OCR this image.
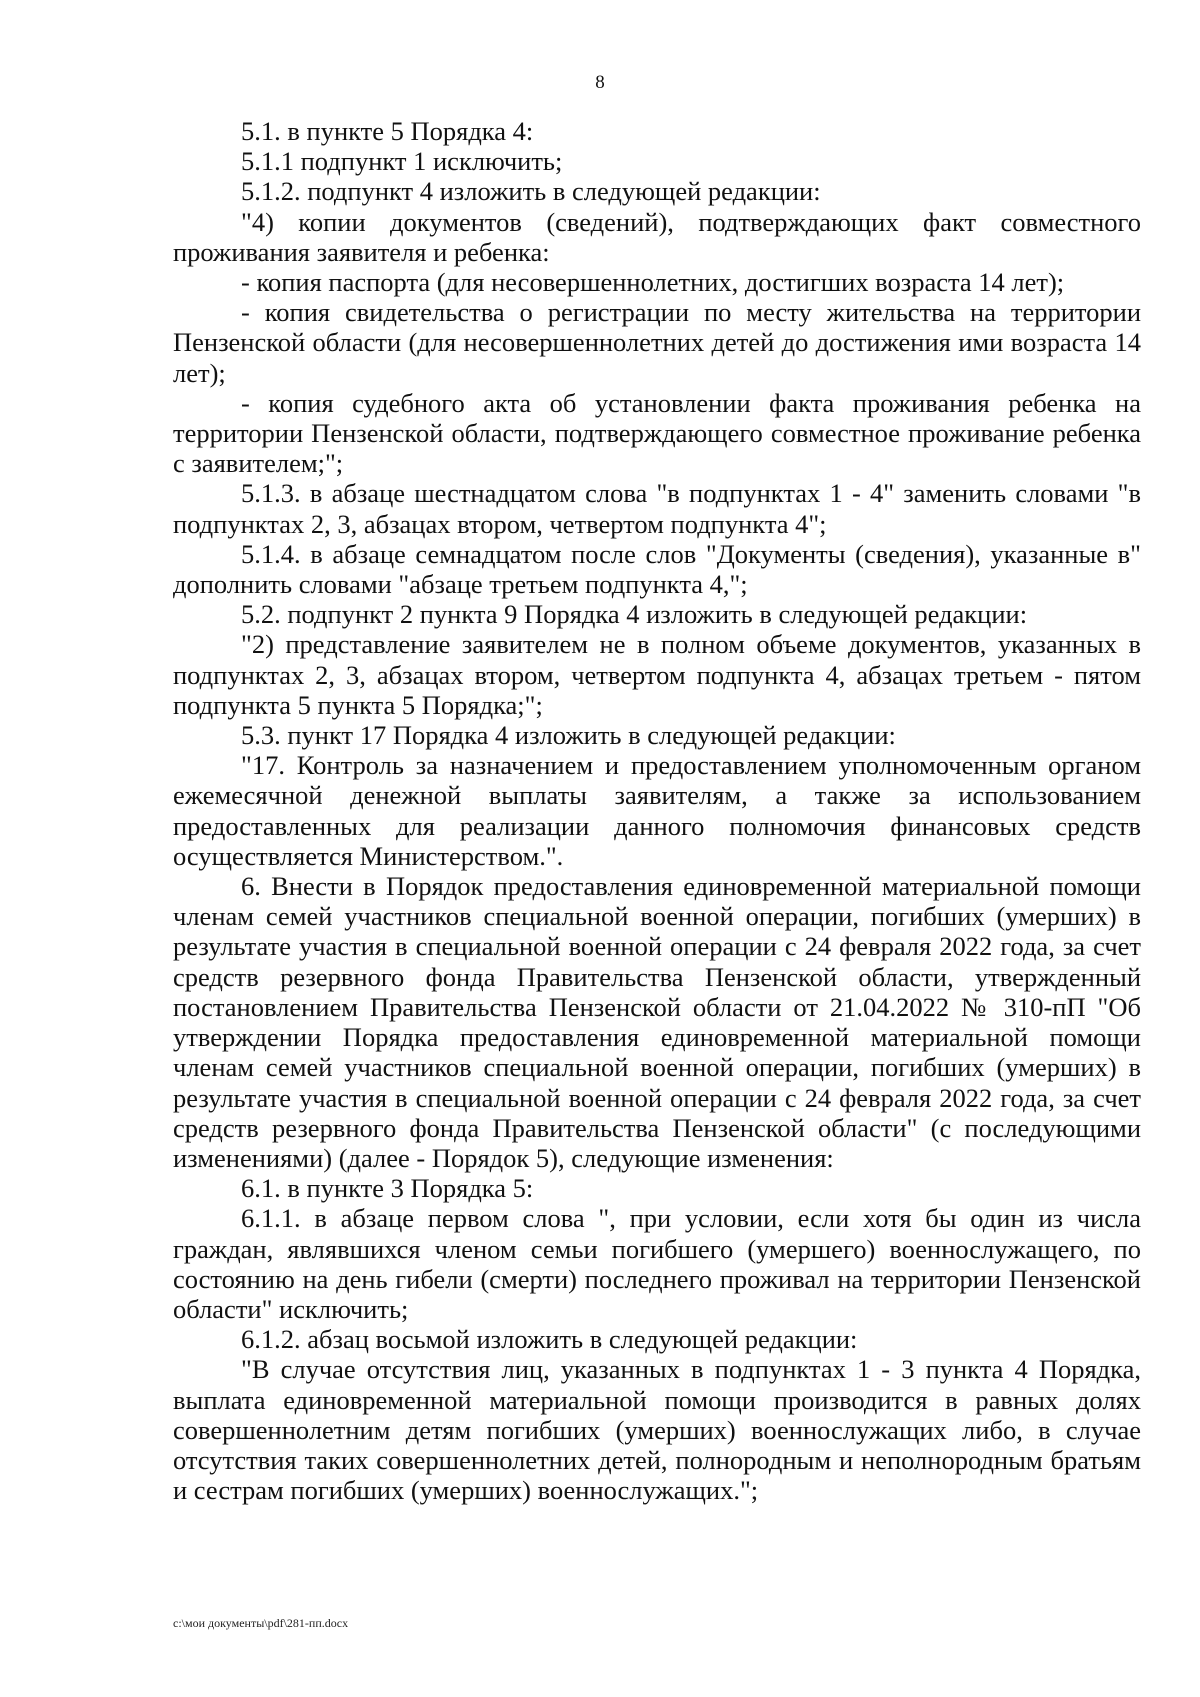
8

5.1. в пункте 5 Порядка 4:

5.1.1 подпункт 1 исключить;

5.1.2. подпункт 4 изложить в следующей редакции:

"4) копии документов (сведений), подтверждающих факт совместного проживания заявителя и ребенка:

- копия паспорта (для несовершеннолетних, достигших возраста 14 лет);

- копия свидетельства о регистрации по месту жительства на территории Пензенской области (для несовершеннолетних детей до достижения ими возраста 14 лет);

- копия судебного акта об установлении факта проживания ребенка на территории Пензенской области, подтверждающего совместное проживание ребенка с заявителем;";

5.1.3. в абзаце шестнадцатом слова "в подпунктах 1 - 4" заменить словами "в подпунктах 2, 3, абзацах втором, четвертом подпункта 4";

5.1.4. в абзаце семнадцатом после слов "Документы (сведения), указанные в" дополнить словами "абзаце третьем подпункта 4,";

5.2. подпункт 2 пункта 9 Порядка 4 изложить в следующей редакции:

"2) представление заявителем не в полном объеме документов, указанных в подпунктах 2, 3, абзацах втором, четвертом подпункта 4, абзацах третьем - пятом подпункта 5 пункта 5 Порядка;";

5.3. пункт 17 Порядка 4 изложить в следующей редакции:

"17. Контроль за назначением и предоставлением уполномоченным органом ежемесячной денежной выплаты заявителям, а также за использованием предоставленных для реализации данного полномочия финансовых средств осуществляется Министерством.".

6. Внести в Порядок предоставления единовременной материальной помощи членам семей участников специальной военной операции, погибших (умерших) в результате участия в специальной военной операции с 24 февраля 2022 года, за счет средств резервного фонда Правительства Пензенской области, утвержденный постановлением Правительства Пензенской области от 21.04.2022 № 310-пП "Об утверждении Порядка предоставления единовременной материальной помощи членам семей участников специальной военной операции, погибших (умерших) в результате участия в специальной военной операции с 24 февраля 2022 года, за счет средств резервного фонда Правительства Пензенской области" (с последующими изменениями) (далее - Порядок 5), следующие изменения:

6.1. в пункте 3 Порядка 5:

6.1.1. в абзаце первом слова ", при условии, если хотя бы один из числа граждан, являвшихся членом семьи погибшего (умершего) военнослужащего, по состоянию на день гибели (смерти) последнего проживал на территории Пензенской области" исключить;

6.1.2. абзац восьмой изложить в следующей редакции:

"В случае отсутствия лиц, указанных в подпунктах 1 - 3 пункта 4 Порядка, выплата единовременной материальной помощи производится в равных долях совершеннолетним детям погибших (умерших) военнослужащих либо, в случае отсутствия таких совершеннолетних детей, полнородным и неполнородным братьям и сестрам погибших (умерших) военнослужащих.";

c:\мои документы\pdf\281-пп.docx
